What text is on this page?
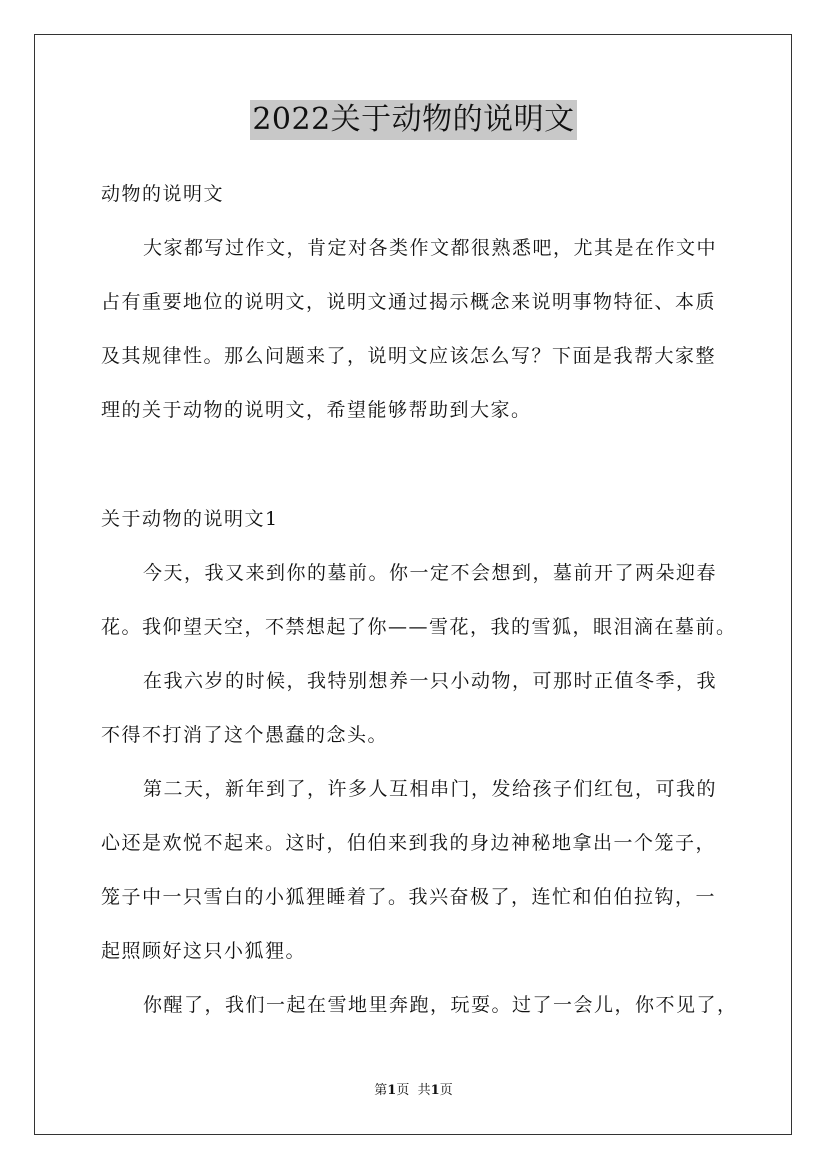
2022关于动物的说明文
动物的说明文
大家都写过作文，肯定对各类作文都很熟悉吧，尤其是在作文中
占有重要地位的说明文，说明文通过揭示概念来说明事物特征、本质
及其规律性。那么问题来了，说明文应该怎么写？下面是我帮大家整
理的关于动物的说明文，希望能够帮助到大家。
关于动物的说明文1
今天，我又来到你的墓前。你一定不会想到，墓前开了两朵迎春
花。我仰望天空，不禁想起了你——雪花，我的雪狐，眼泪滴在墓前。
在我六岁的时候，我特别想养一只小动物，可那时正值冬季，我
不得不打消了这个愚蠢的念头。
第二天，新年到了，许多人互相串门，发给孩子们红包，可我的
心还是欢悦不起来。这时，伯伯来到我的身边神秘地拿出一个笼子，
笼子中一只雪白的小狐狸睡着了。我兴奋极了，连忙和伯伯拉钩，一
起照顾好这只小狐狸。
你醒了，我们一起在雪地里奔跑，玩耍。过了一会儿，你不见了，
第1页 共1页
